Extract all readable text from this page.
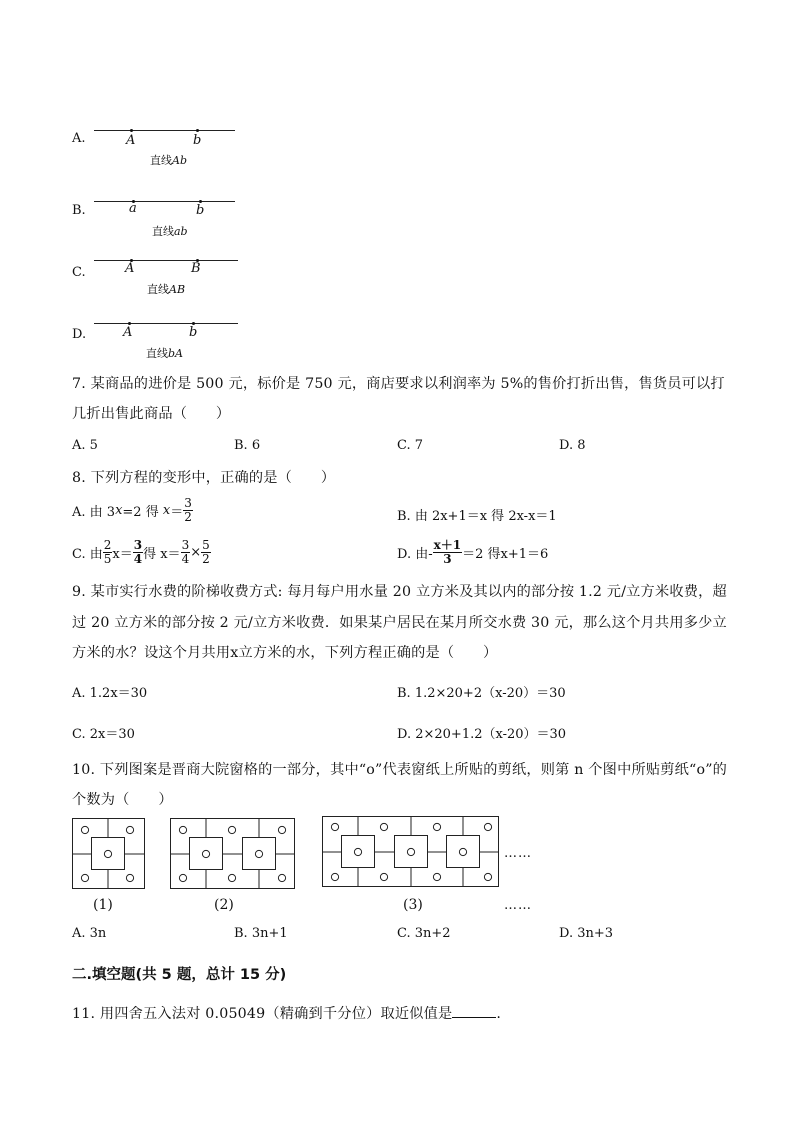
A.	A	b
直线Ab
B.	a	b
直线ab
C.	A	B
直线AB
D.	A	b
直线bA
7. 某商品的进价是 500 元，标价是 750 元，商店要求以利润率为 5%的售价打折出售，售货员可以打
几折出售此商品（　　）
A. 5	B. 6	C. 7	D. 8
8. 下列方程的变形中，正确的是（　　）
A. 由 3x=2 得 $x= \frac{3}{2}$	B. 由 2x+1＝x 得 2x-x＝1
C. 由 $\frac{2}{5} x= \frac{3}{4}$ 得 $x= \frac{3}{4} \times \frac{5}{2}$	D. 由- $\frac{x+1}{3} =2$ 得x+1＝6
9. 某市实行水费的阶梯收费方式: 每月每户用水量 20 立方米及其以内的部分按 1.2 元/立方米收费，超
过 20 立方米的部分按 2 元/立方米收费．如果某户居民在某月所交水费 30 元，那么这个月共用多少立
方米的水？设这个月共用x立方米的水，下列方程正确的是（　　）
A. 1.2x＝30	B. 1.2×20+2（x-20）＝30
C. 2x＝30	D. 2×20+1.2（x-20）＝30
10. 下列图案是晋商大院窗格的一部分，其中“o”代表窗纸上所贴的剪纸，则第 n 个图中所贴剪纸“o”的
个数为（　　）
……
(1)	(2)	(3)	……
A. 3n	B. 3n+1	C. 3n+2	D. 3n+3
二.填空题(共 5 题，总计 15 分)
11. 用四舍五入法对 0.05049（精确到千分位）取近似值是	.
